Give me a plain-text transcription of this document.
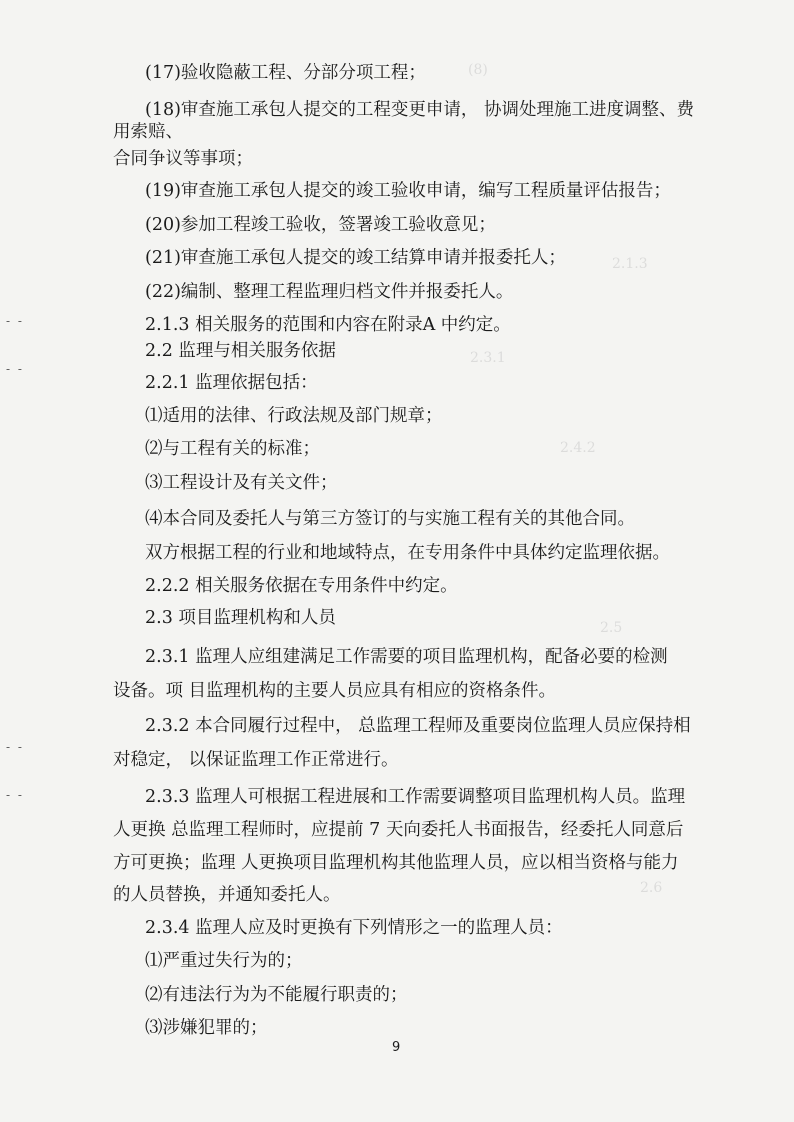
(8)
2.1.3
2.3.1
2.4.2
2.5
2.6
- -
- -
- -
- -
(17)验收隐蔽工程、分部分项工程；
(18)审查施工承包人提交的工程变更申请， 协调处理施工进度调整、费
用索赔、
合同争议等事项；
(19)审查施工承包人提交的竣工验收申请，编写工程质量评估报告；
(20)参加工程竣工验收，签署竣工验收意见；
(21)审查施工承包人提交的竣工结算申请并报委托人；
(22)编制、整理工程监理归档文件并报委托人。
2.1.3 相关服务的范围和内容在附录A 中约定。
2.2 监理与相关服务依据
2.2.1 监理依据包括：
⑴适用的法律、行政法规及部门规章；
⑵与工程有关的标准；
⑶工程设计及有关文件；
⑷本合同及委托人与第三方签订的与实施工程有关的其他合同。
双方根据工程的行业和地域特点，在专用条件中具体约定监理依据。
2.2.2 相关服务依据在专用条件中约定。
2.3 项目监理机构和人员
2.3.1 监理人应组建满足工作需要的项目监理机构，配备必要的检测
设备。项 目监理机构的主要人员应具有相应的资格条件。
2.3.2 本合同履行过程中， 总监理工程师及重要岗位监理人员应保持相
对稳定， 以保证监理工作正常进行。
2.3.3 监理人可根据工程进展和工作需要调整项目监理机构人员。监理
人更换 总监理工程师时，应提前 7 天向委托人书面报告，经委托人同意后
方可更换；监理 人更换项目监理机构其他监理人员，应以相当资格与能力
的人员替换，并通知委托人。
2.3.4 监理人应及时更换有下列情形之一的监理人员：
⑴严重过失行为的；
⑵有违法行为为不能履行职责的；
⑶涉嫌犯罪的；
9
